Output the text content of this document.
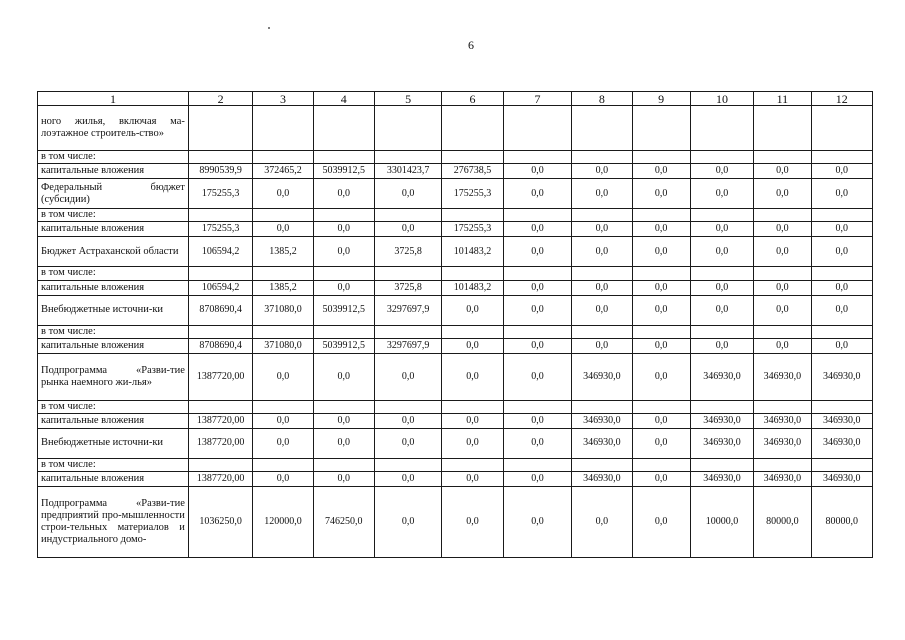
6
1	2	3	4	5	6	7	8	9	10	11	12
ного жилья, включая ма-лоэтажное строитель-ство»											
в том числе:											
капитальные вложения	8990539,9	372465,2	5039912,5	3301423,7	276738,5	0,0	0,0	0,0	0,0	0,0	0,0
Федеральный бюджет (субсидии)	175255,3	0,0	0,0	0,0	175255,3	0,0	0,0	0,0	0,0	0,0	0,0
в том числе:											
капитальные вложения	175255,3	0,0	0,0	0,0	175255,3	0,0	0,0	0,0	0,0	0,0	0,0
Бюджет Астраханской области	106594,2	1385,2	0,0	3725,8	101483,2	0,0	0,0	0,0	0,0	0,0	0,0
в том числе:											
капитальные вложения	106594,2	1385,2	0,0	3725,8	101483,2	0,0	0,0	0,0	0,0	0,0	0,0
Внебюджетные источни-ки	8708690,4	371080,0	5039912,5	3297697,9	0,0	0,0	0,0	0,0	0,0	0,0	0,0
в том числе:											
капитальные вложения	8708690,4	371080,0	5039912,5	3297697,9	0,0	0,0	0,0	0,0	0,0	0,0	0,0
Подпрограмма «Разви-тие рынка наемного жи-лья»	1387720,00	0,0	0,0	0,0	0,0	0,0	346930,0	0,0	346930,0	346930,0	346930,0
в том числе:											
капитальные вложения	1387720,00	0,0	0,0	0,0	0,0	0,0	346930,0	0,0	346930,0	346930,0	346930,0
Внебюджетные источни-ки	1387720,00	0,0	0,0	0,0	0,0	0,0	346930,0	0,0	346930,0	346930,0	346930,0
в том числе:											
капитальные вложения	1387720,00	0,0	0,0	0,0	0,0	0,0	346930,0	0,0	346930,0	346930,0	346930,0
Подпрограмма «Разви-тие предприятий про-мышленности строи-тельных материалов и индустриального домо-	1036250,0	120000,0	746250,0	0,0	0,0	0,0	0,0	0,0	10000,0	80000,0	80000,0
